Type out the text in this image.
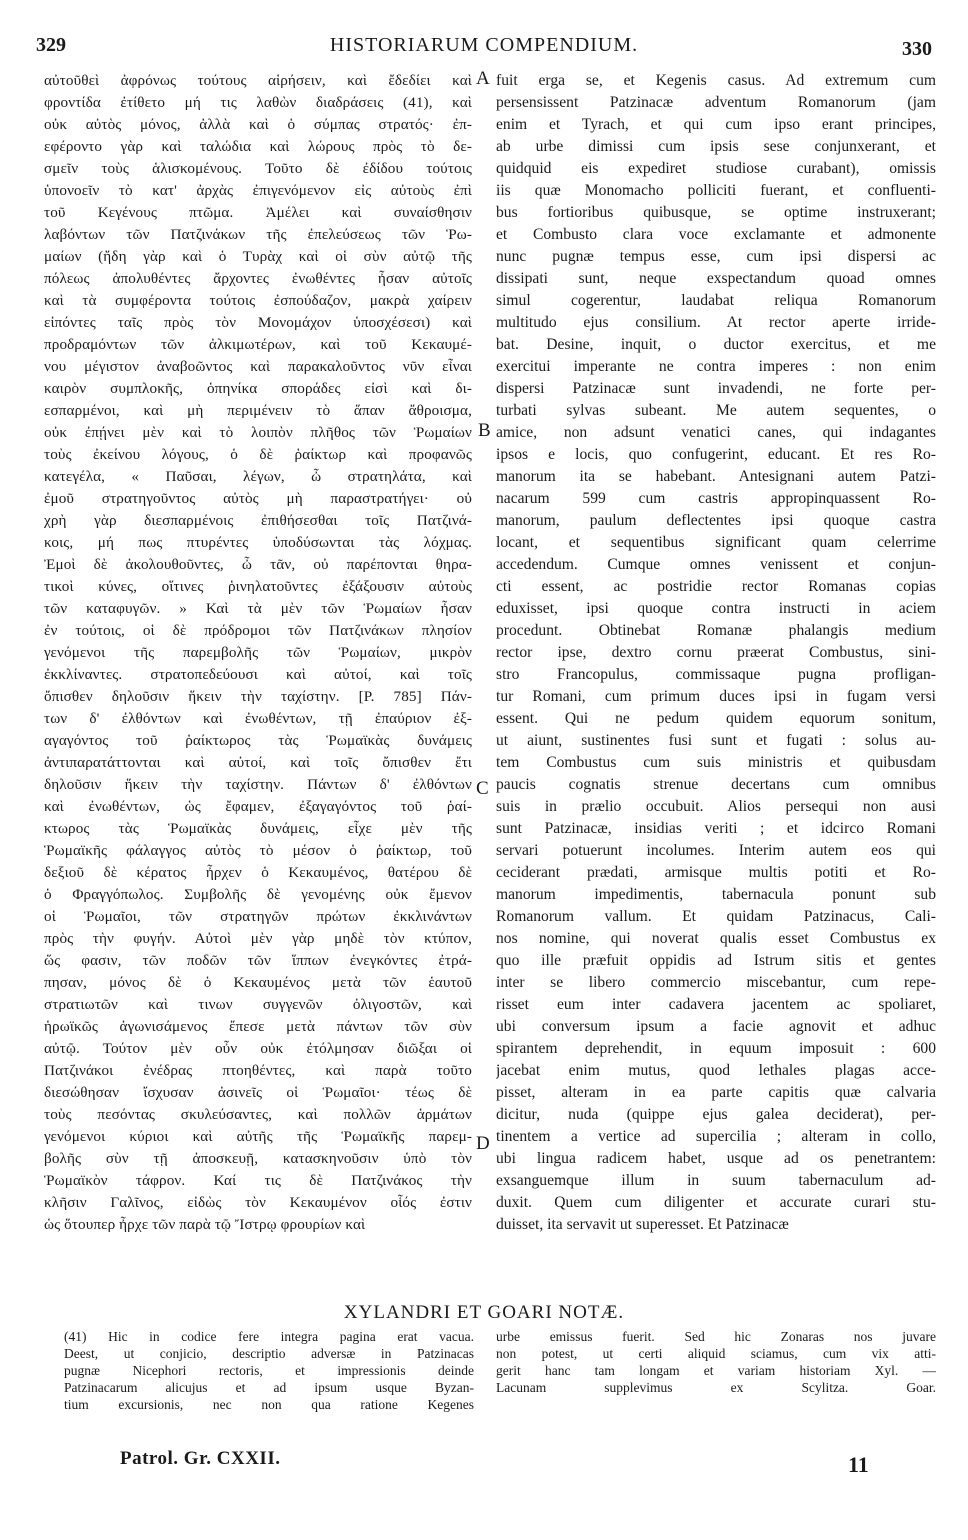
329	HISTORIARUM COMPENDIUM.	330
αὐτοῦθεὶ ἀφρόνως τούτους αἱρήσειν, καὶ ἔδεδίει καὶ
φροντίδα ἐτίθετο μή τις λαθὼν διαδράσεις (41), καὶ
οὐκ αὐτὸς μόνος, ἀλλὰ καὶ ὁ σύμπας στρατός· ἐπ-
εφέροντο γὰρ καὶ ταλώδια καὶ λώρους πρὸς τὸ δε-
σμεῖν τοὺς ἁλισκομένους. Τοῦτο δὲ ἐδίδου τούτοις
ὑπονοεῖν τὸ κατ' ἀρχὰς ἐπιγενόμενον εἰς αὐτοὺς ἐπὶ
τοῦ Κεγένους πτῶμα. Ἀμέλει καὶ συναίσθησιν
λαβόντων τῶν Πατζινάκων τῆς ἐπελεύσεως τῶν Ῥω-
μαίων (ἤδη γὰρ καὶ ὁ Τυρὰχ καὶ οἱ σὺν αὐτῷ τῆς
πόλεως ἀπολυθέντες ἄρχοντες ἐνωθέντες ἦσαν αὐτοῖς
καὶ τὰ συμφέροντα τούτοις ἐσπούδαζον, μακρὰ χαίρειν
εἰπόντες ταῖς πρὸς τὸν Μονομάχον ὑποσχέσεσι) καὶ
προδραμόντων τῶν ἀλκιμωτέρων, καὶ τοῦ Κεκαυμέ-
νου μέγιστον ἀναβοῶντος καὶ παρακαλοῦντος νῦν εἶναι
καιρὸν συμπλοκῆς, ὁπηνίκα σποράδες εἰσὶ καὶ δι-
εσπαρμένοι, καὶ μὴ περιμένειν τὸ ἅπαν ἄθροισμα,
οὐκ ἐπῄνει μὲν καὶ τὸ λοιπὸν πλῆθος τῶν Ῥωμαίων
τοὺς ἐκείνου λόγους, ὁ δὲ ῥαίκτωρ καὶ προφανῶς
κατεγέλα, « Παῦσαι, λέγων, ὦ στρατηλάτα, καὶ
ἐμοῦ στρατηγοῦντος αὐτὸς μὴ παραστρατήγει· οὐ
χρὴ γὰρ διεσπαρμένοις ἐπιθήσεσθαι τοῖς Πατζινά-
κοις, μή πως πτυρέντες ὑποδύσωνται τὰς λόχμας.
Ἐμοὶ δὲ ἀκολουθοῦντες, ὦ τᾶν, οὐ παρέπονται θηρα-
τικοὶ κύνες, οἵτινες ῥινηλατοῦντες ἐξάξουσιν αὐτοὺς
τῶν καταφυγῶν. » Καὶ τὰ μὲν τῶν Ῥωμαίων ἦσαν
ἐν τούτοις, οἱ δὲ πρόδρομοι τῶν Πατζινάκων πλησίον
γενόμενοι τῆς παρεμβολῆς τῶν Ῥωμαίων, μικρὸν
ἐκκλίναντες. στρατοπεδεύουσι καὶ αὐτοί, καὶ τοῖς
ὄπισθεν δηλοῦσιν ἥκειν τὴν ταχίστην. [P. 785] Πάν-
των δ' ἐλθόντων καὶ ἐνωθέντων, τῇ ἐπαύριον ἐξ-
αγαγόντος τοῦ ῥαίκτωρος τὰς Ῥωμαϊκὰς δυνάμεις
ἀντιπαρατάττονται καὶ αὐτοί, καὶ τοῖς ὄπισθεν ἔτι
δηλοῦσιν ἥκειν τὴν ταχίστην. Πάντων δ' ἐλθόντων
καὶ ἐνωθέντων, ὡς ἔφαμεν, ἐξαγαγόντος τοῦ ῥαί-
κτωρος τὰς Ῥωμαϊκὰς δυνάμεις, εἶχε μὲν τῆς
Ῥωμαϊκῆς φάλαγγος αὐτὸς τὸ μέσον ὁ ῥαίκτωρ, τοῦ
δεξιοῦ δὲ κέρατος ἦρχεν ὁ Κεκαυμένος, θατέρου δὲ
ὁ Φραγγόπωλος. Συμβολῆς δὲ γενομένης οὐκ ἔμενον
οἱ Ῥωμαῖοι, τῶν στρατηγῶν πρώτων ἐκκλινάντων
πρὸς τὴν φυγήν. Αὐτοὶ μὲν γὰρ μηδὲ τὸν κτύπον,
ὥς φασιν, τῶν ποδῶν τῶν ἵππων ἐνεγκόντες ἐτρά-
πησαν, μόνος δὲ ὁ Κεκαυμένος μετὰ τῶν ἑαυτοῦ
στρατιωτῶν καὶ τινων συγγενῶν ὀλιγοστῶν, καὶ
ἡρωϊκῶς ἀγωνισάμενος ἔπεσε μετὰ πάντων τῶν σὺν
αὐτῷ. Τούτον μὲν οὖν οὐκ ἐτόλμησαν διῶξαι οἱ
Πατζινάκοι ἐνέδρας πτοηθέντες, καὶ παρὰ τοῦτο
διεσώθησαν ἴσχυσαν ἀσινεῖς οἱ Ῥωμαῖοι· τέως δὲ
τοὺς πεσόντας σκυλεύσαντες, καὶ πολλῶν ἁρμάτων
γενόμενοι κύριοι καὶ αὐτῆς τῆς Ῥωμαϊκῆς παρεμ-
βολῆς σὺν τῇ ἀποσκευῇ, κατασκηνοῦσιν ὑπὸ τὸν
Ῥωμαϊκὸν τάφρον. Καί τις δὲ Πατζινάκος τὴν
κλῆσιν Γαλῖνος, εἰδὼς τὸν Κεκαυμένον οἷός ἐστιν
ὡς ὅτουπερ ἦρχε τῶν παρὰ τῷ Ἴστρῳ φρουρίων καὶ
fuit erga se, et Kegenis casus. Ad extremum cum
persensissent Patzinacæ adventum Romanorum (jam
enim et Tyrach, et qui cum ipso erant principes,
ab urbe dimissi cum ipsis sese conjunxerant, et
quidquid eis expediret studiose curabant), omissis
iis quæ Monomacho polliciti fuerant, et confluenti-
bus fortioribus quibusque, se optime instruxerant;
et Combusto clara voce exclamante et admonente
nunc pugnæ tempus esse, cum ipsi dispersi ac
dissipati sunt, neque exspectandum quoad omnes
simul cogerentur, laudabat reliqua Romanorum
multitudo ejus consilium. At rector aperte irride-
bat. Desine, inquit, o ductor exercitus, et me
exercitui imperante ne contra imperes : non enim
dispersi Patzinacæ sunt invadendi, ne forte per-
turbati sylvas subeant. Me autem sequentes, o
amice, non adsunt venatici canes, qui indagantes
ipsos e locis, quo confugerint, educant. Et res Ro-
manorum ita se habebant. Antesignani autem Patzi-
nacarum 599 cum castris appropinquassent Ro-
manorum, paulum deflectentes ipsi quoque castra
locant, et sequentibus significant quam celerrime
accedendum. Cumque omnes venissent et conjun-
cti essent, ac postridie rector Romanas copias
eduxisset, ipsi quoque contra instructi in aciem
procedunt. Obtinebat Romanæ phalangis medium
rector ipse, dextro cornu præerat Combustus, sini-
stro Francopulus, commissaque pugna profligan-
tur Romani, cum primum duces ipsi in fugam versi
essent. Qui ne pedum quidem equorum sonitum,
ut aiunt, sustinentes fusi sunt et fugati : solus au-
tem Combustus cum suis ministris et quibusdam
paucis cognatis strenue decertans cum omnibus
suis in prælio occubuit. Alios persequi non ausi
sunt Patzinacæ, insidias veriti ; et idcirco Romani
servari potuerunt incolumes. Interim autem eos qui
ceciderant prædati, armisque multis potiti et Ro-
manorum impedimentis, tabernacula ponunt sub
Romanorum vallum. Et quidam Patzinacus, Cali-
nos nomine, qui noverat qualis esset Combustus ex
quo ille præfuit oppidis ad Istrum sitis et gentes
inter se libero commercio miscebantur, cum repe-
risset eum inter cadavera jacentem ac spoliaret,
ubi conversum ipsum a facie agnovit et adhuc
spirantem deprehendit, in equum imposuit : 600
jacebat enim mutus, quod lethales plagas acce-
pisset, alteram in ea parte capitis quæ calvaria
dicitur, nuda (quippe ejus galea deciderat), per-
tinentem a vertice ad supercilia ; alteram in collo,
ubi lingua radicem habet, usque ad os penetrantem:
exsanguemque illum in suum tabernaculum ad-
duxit. Quem cum diligenter et accurate curari stu-
duisset, ita servavit ut superesset. Et Patzinacæ
A
B
C
D
XYLANDRI ET GOARI NOTÆ.
(41) Hic in codice fere integra pagina erat vacua.
Deest, ut conjicio, descriptio adversæ in Patzinacas
pugnæ Nicephori rectoris, et impressionis deinde
Patzinacarum alicujus et ad ipsum usque Byzan-
tium excursionis, nec non qua ratione Kegenes
urbe emissus fuerit. Sed hic Zonaras nos juvare
non potest, ut certi aliquid sciamus, cum vix atti-
gerit hanc tam longam et variam historiam Xyl. —
Lacunam supplevimus ex Scylitza. Goar.
Patrol. Gr. CXXII.	11
